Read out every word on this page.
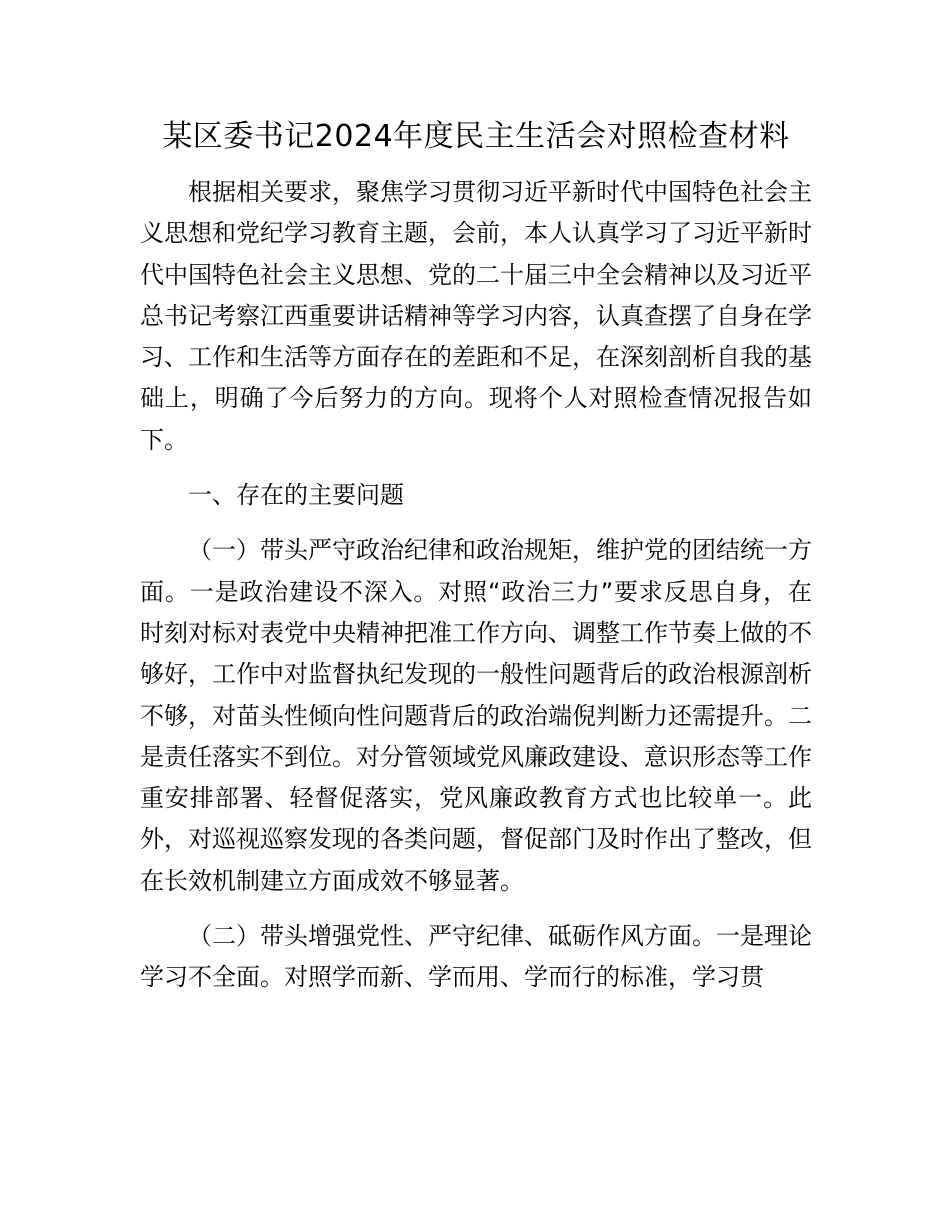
某区委书记2024年度民主生活会对照检查材料

根据相关要求，聚焦学习贯彻习近平新时代中国特色社会主义思想和党纪学习教育主题，会前，本人认真学习了习近平新时代中国特色社会主义思想、党的二十届三中全会精神以及习近平总书记考察江西重要讲话精神等学习内容，认真查摆了自身在学习、工作和生活等方面存在的差距和不足，在深刻剖析自我的基础上，明确了今后努力的方向。现将个人对照检查情况报告如下。

一、存在的主要问题

（一）带头严守政治纪律和政治规矩，维护党的团结统一方面。一是政治建设不深入。对照“政治三力”要求反思自身，在时刻对标对表党中央精神把准工作方向、调整工作节奏上做的不够好，工作中对监督执纪发现的一般性问题背后的政治根源剖析不够，对苗头性倾向性问题背后的政治端倪判断力还需提升。二是责任落实不到位。对分管领域党风廉政建设、意识形态等工作重安排部署、轻督促落实，党风廉政教育方式也比较单一。此外，对巡视巡察发现的各类问题，督促部门及时作出了整改，但在长效机制建立方面成效不够显著。

（二）带头增强党性、严守纪律、砥砺作风方面。一是理论学习不全面。对照学而新、学而用、学而行的标准，学习贯
